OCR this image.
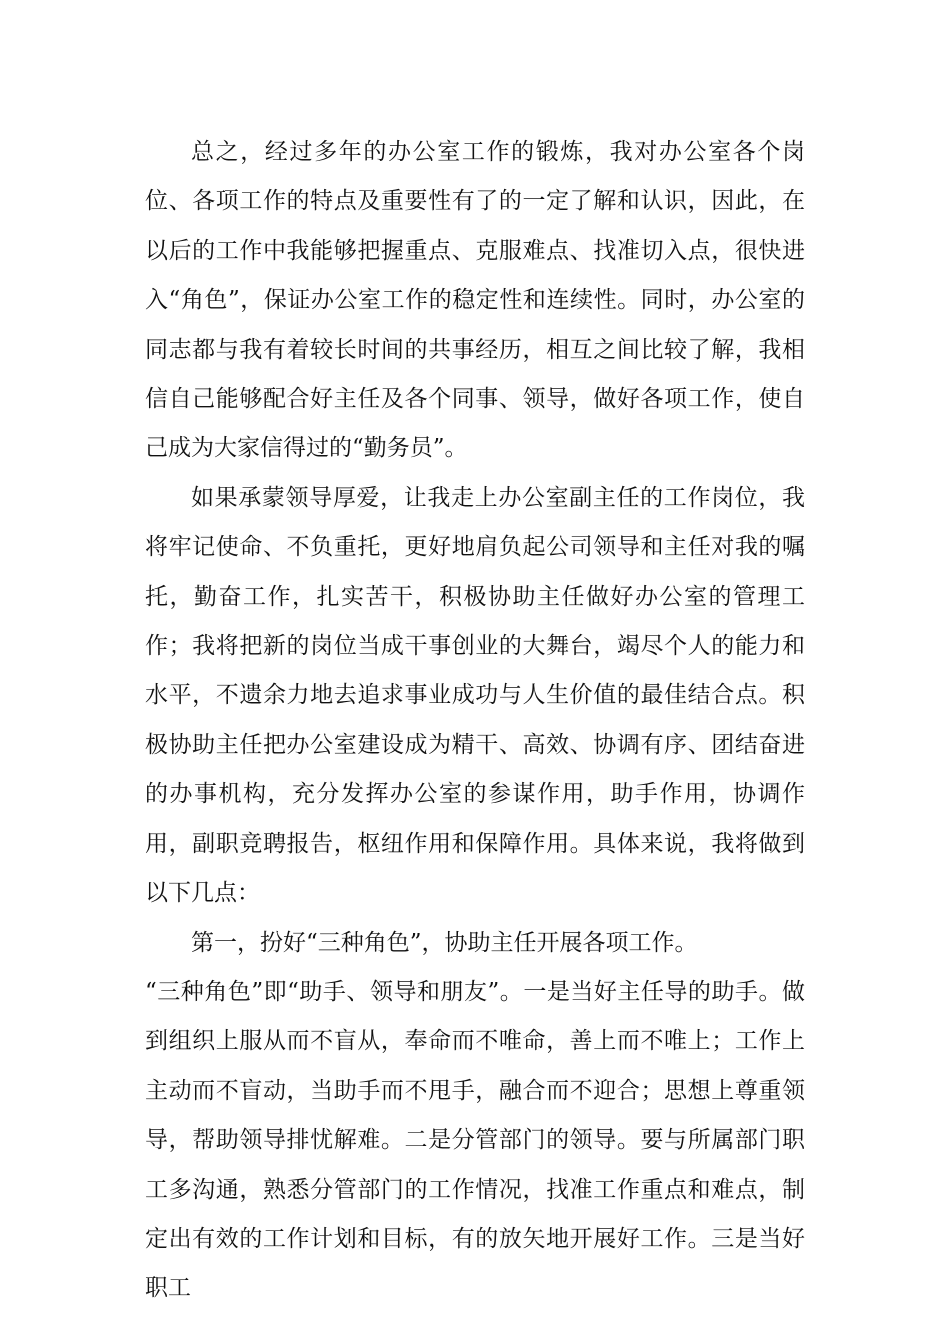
总之，经过多年的办公室工作的锻炼，我对办公室各个岗位、各项工作的特点及重要性有了的一定了解和认识，因此，在以后的工作中我能够把握重点、克服难点、找准切入点，很快进入“角色”，保证办公室工作的稳定性和连续性。同时，办公室的同志都与我有着较长时间的共事经历，相互之间比较了解，我相信自己能够配合好主任及各个同事、领导，做好各项工作，使自己成为大家信得过的“勤务员”。

如果承蒙领导厚爱，让我走上办公室副主任的工作岗位，我将牢记使命、不负重托，更好地肩负起公司领导和主任对我的嘱托，勤奋工作，扎实苦干，积极协助主任做好办公室的管理工作；我将把新的岗位当成干事创业的大舞台，竭尽个人的能力和水平，不遗余力地去追求事业成功与人生价值的最佳结合点。积极协助主任把办公室建设成为精干、高效、协调有序、团结奋进的办事机构，充分发挥办公室的参谋作用，助手作用，协调作用，副职竞聘报告，枢纽作用和保障作用。具体来说，我将做到以下几点：

第一，扮好“三种角色”，协助主任开展各项工作。

“三种角色”即“助手、领导和朋友”。一是当好主任导的助手。做到组织上服从而不盲从，奉命而不唯命，善上而不唯上；工作上主动而不盲动，当助手而不甩手，融合而不迎合；思想上尊重领导，帮助领导排忧解难。二是分管部门的领导。要与所属部门职工多沟通，熟悉分管部门的工作情况，找准工作重点和难点，制定出有效的工作计划和目标，有的放矢地开展好工作。三是当好职工
